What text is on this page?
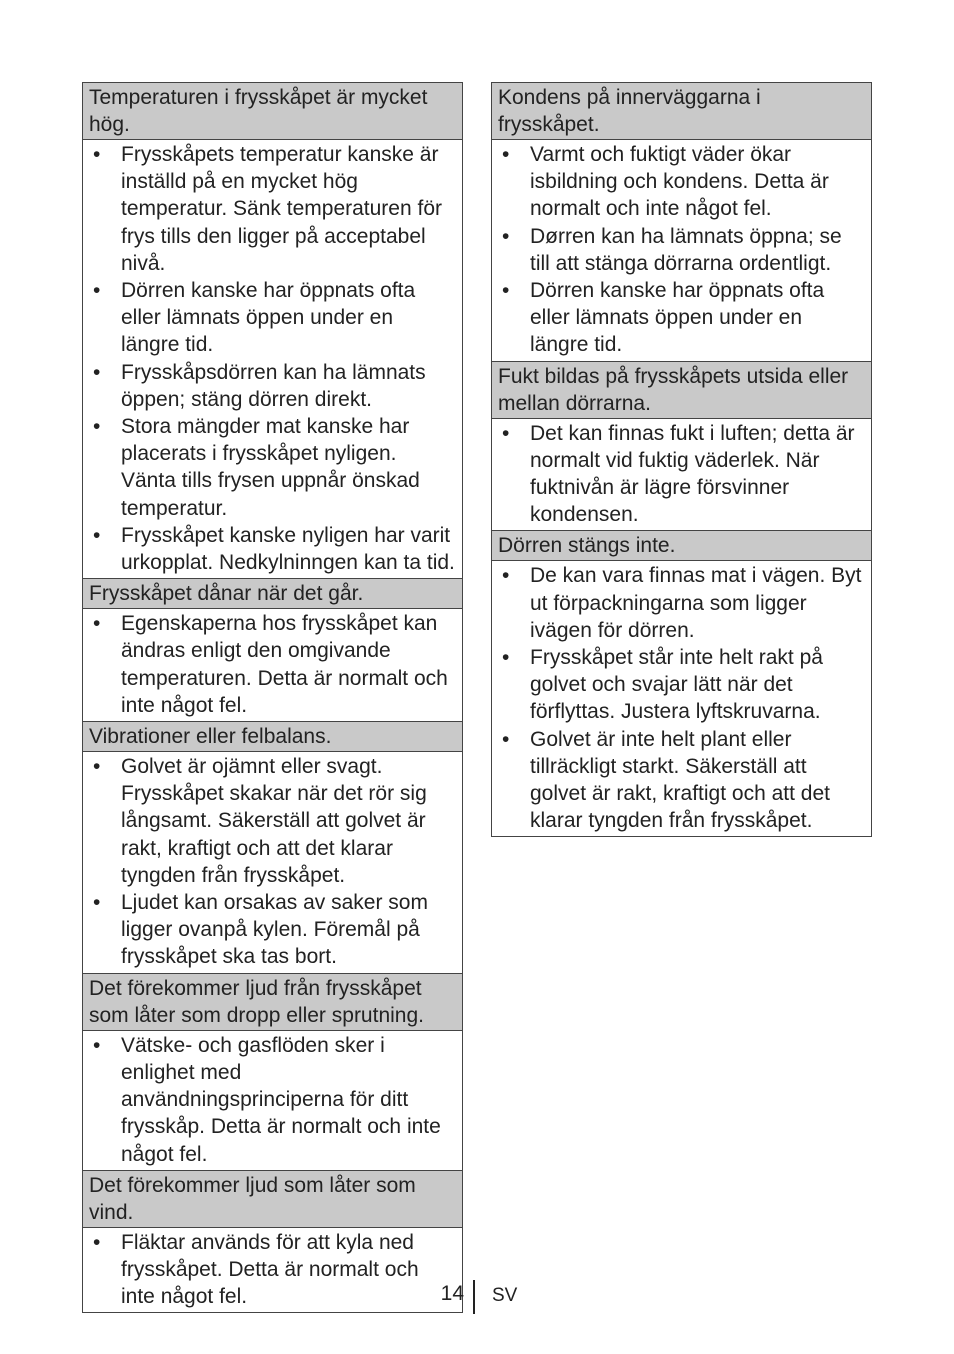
Temperaturen i frysskåpet är mycket hög.
• Frysskåpets temperatur kanske är inställd på en mycket hög temperatur. Sänk temperaturen för frys tills den ligger på acceptabel nivå.
• Dörren kanske har öppnats ofta eller lämnats öppen under en längre tid.
• Frysskåpsdörren kan ha lämnats öppen; stäng dörren direkt.
• Stora mängder mat kanske har placerats i frysskåpet nyligen. Vänta tills frysen uppnår önskad temperatur.
• Frysskåpet kanske nyligen har varit urkopplat. Nedkylninngen kan ta tid.
Frysskåpet dånar när det går.
• Egenskaperna hos frysskåpet kan ändras enligt den omgivande temperaturen. Detta är normalt och inte något fel.
Vibrationer eller felbalans.
• Golvet är ojämnt eller svagt. Frysskåpet skakar när det rör sig långsamt. Säkerställ att golvet är rakt, kraftigt och att det klarar tyngden från frysskåpet.
• Ljudet kan orsakas av saker som ligger ovanpå kylen. Föremål på frysskåpet ska tas bort.
Det förekommer ljud från frysskåpet som låter som dropp eller sprutning.
• Vätske- och gasflöden sker i enlighet med användningsprinciperna för ditt frysskåp. Detta är normalt och inte något fel.
Det förekommer ljud som låter som vind.
• Fläktar används för att kyla ned frysskåpet. Detta är normalt och inte något fel.
Kondens på innerväggarna i frysskåpet.
• Varmt och fuktigt väder ökar isbildning och kondens. Detta är normalt och inte något fel.
• Dørren kan ha lämnats öppna; se till att stänga dörrarna ordentligt.
• Dörren kanske har öppnats ofta eller lämnats öppen under en längre tid.
Fukt bildas på frysskåpets utsida eller mellan dörrarna.
• Det kan finnas fukt i luften; detta är normalt vid fuktig väderlek. När fuktnivån är lägre försvinner kondensen.
Dörren stängs inte.
• De kan vara finnas mat i vägen. Byt ut förpackningarna som ligger ivägen för dörren.
• Frysskåpet står inte helt rakt på golvet och svajar lätt när det förflyttas. Justera lyftskruvarna.
• Golvet är inte helt plant eller tillräckligt starkt. Säkerställ att golvet är rakt, kraftigt och att det klarar tyngden från frysskåpet.
14 SV
